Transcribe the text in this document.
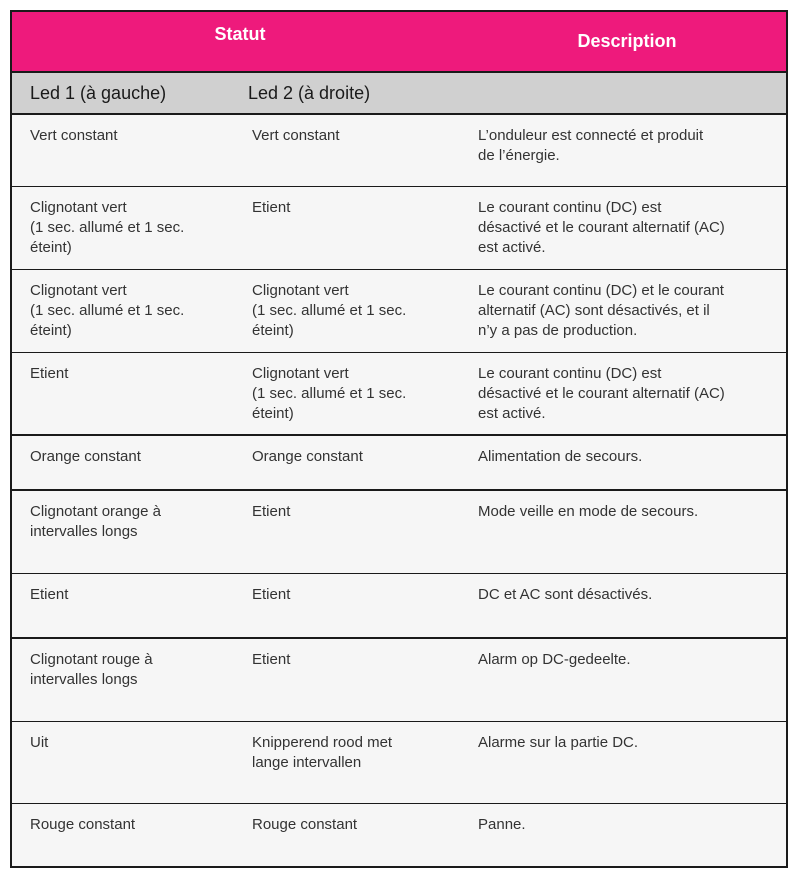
Statut		Description
Led 1 (à gauche)	Led 2 (à droite)	

Vert constant	Vert constant	L’onduleur est connecté et produit
de l’énergie.

Clignotant vert
(1 sec. allumé et 1 sec.
éteint)	Etient	Le courant continu (DC) est
désactivé et le courant alternatif (AC)
est activé.

Clignotant vert
(1 sec. allumé et 1 sec.
éteint)	Clignotant vert
(1 sec. allumé et 1 sec.
éteint)	Le courant continu (DC) et le courant
alternatif (AC) sont désactivés, et il
n’y a pas de production.

Etient	Clignotant vert
(1 sec. allumé et 1 sec.
éteint)	Le courant continu (DC) est
désactivé et le courant alternatif (AC)
est activé.

Orange constant	Orange constant	Alimentation de secours.

Clignotant orange à
intervalles longs	Etient	Mode veille en mode de secours.

Etient	Etient	DC et AC sont désactivés.

Clignotant rouge à
intervalles longs	Etient	Alarm op DC-gedeelte.

Uit	Knipperend rood met
lange intervallen	Alarme sur la partie DC.

Rouge constant	Rouge constant	Panne.
